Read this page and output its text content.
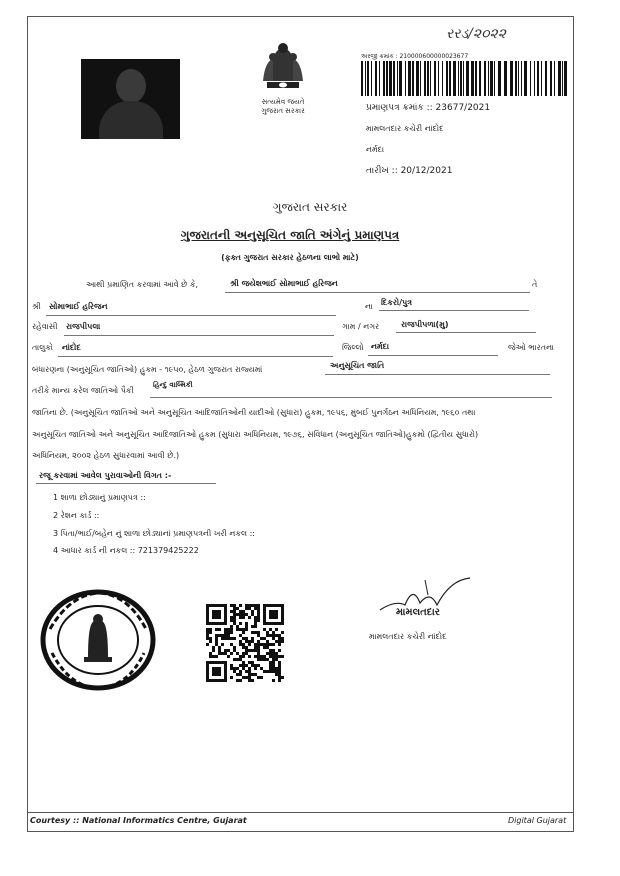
રરડ/૨૦૨૨
સત્યમેવ જયતે
ગુજરાત સરકાર
અરજી ક્રમાંક : 210000600000023677
પ્રમાણપત્ર ક્રમાંક :: 23677/2021
મામલતદાર કચેરી નાંદોદ
નર્મદા
તારીખ :: 20/12/2021
ગુજરાત સરકાર
ગુજરાતની અનુસૂચિત જાતિ અંગેનું પ્રમાણપત્ર
(ફક્ત ગુજરાત સરકાર હેઠળના લાભો માટે)
આથી પ્રમાણિત કરવામાં આવે છે કે,	શ્રી જયેશભાઈ સોમાભાઈ હરિજન	તે
શ્રી સોમાભાઈ હરિજન	ના દિકરો/પુત્ર
રહેવાસી રાજપીપલા	ગામ / નગર	રાજપીપળા(મુ)
તાલુકો નાંદોદ	જિલ્લો નર્મદા	જેઓ ભારતના
બંધારણના (અનુસૂચિત જાતિઓ) હુકમ - ૧૯૫૦, હેઠળ ગુજરાત રાજ્યમાં	અનુસૂચિત જાતિ
તરીકે માન્ય કરેલ જાતિઓ પૈકી
હિન્દુ વાલ્મિકી
જાતિના છે. (અનુસૂચિત જાતિઓ અને અનુસૂચિત આદિજાતિઓની યાદીઓ (સુધારા) હુકમ, ૧૯૫૬, મુંબઈ પુનર્ગઠન અધિનિયમ, ૧૯૬૦ તથા
અનુસૂચિત જાતિઓ અને અનુસૂચિત આદિજાતિઓ હુકમ (સુધારા અધિનિયમ, ૧૯૭૬, સંવિધાન (અનુસૂચિત જાતિઓ)હુકમો (દ્વિતીય સુધારો)
અધિનિયમ, ૨૦૦૨ હેઠળ સુધારવામાં આવી છે.)
રજૂ કરવામાં આવેલ પુરાવાઓની વિગત :-
1 શાળા છોડ્યાનું પ્રમાણપત્ર ::
2 રેશન કાર્ડ ::
3 પિતા/ભાઈ/બહેન નું શાળા છોડ્યાનાં પ્રમાણપત્રની ખરી નકલ ::
4 આધાર કાર્ડ ની નકલ :: 721379425222
મામલતદાર
મામલતદાર કચેરી નાંદોદ
Courtesy :: National Informatics Centre, Gujarat	Digital Gujarat
